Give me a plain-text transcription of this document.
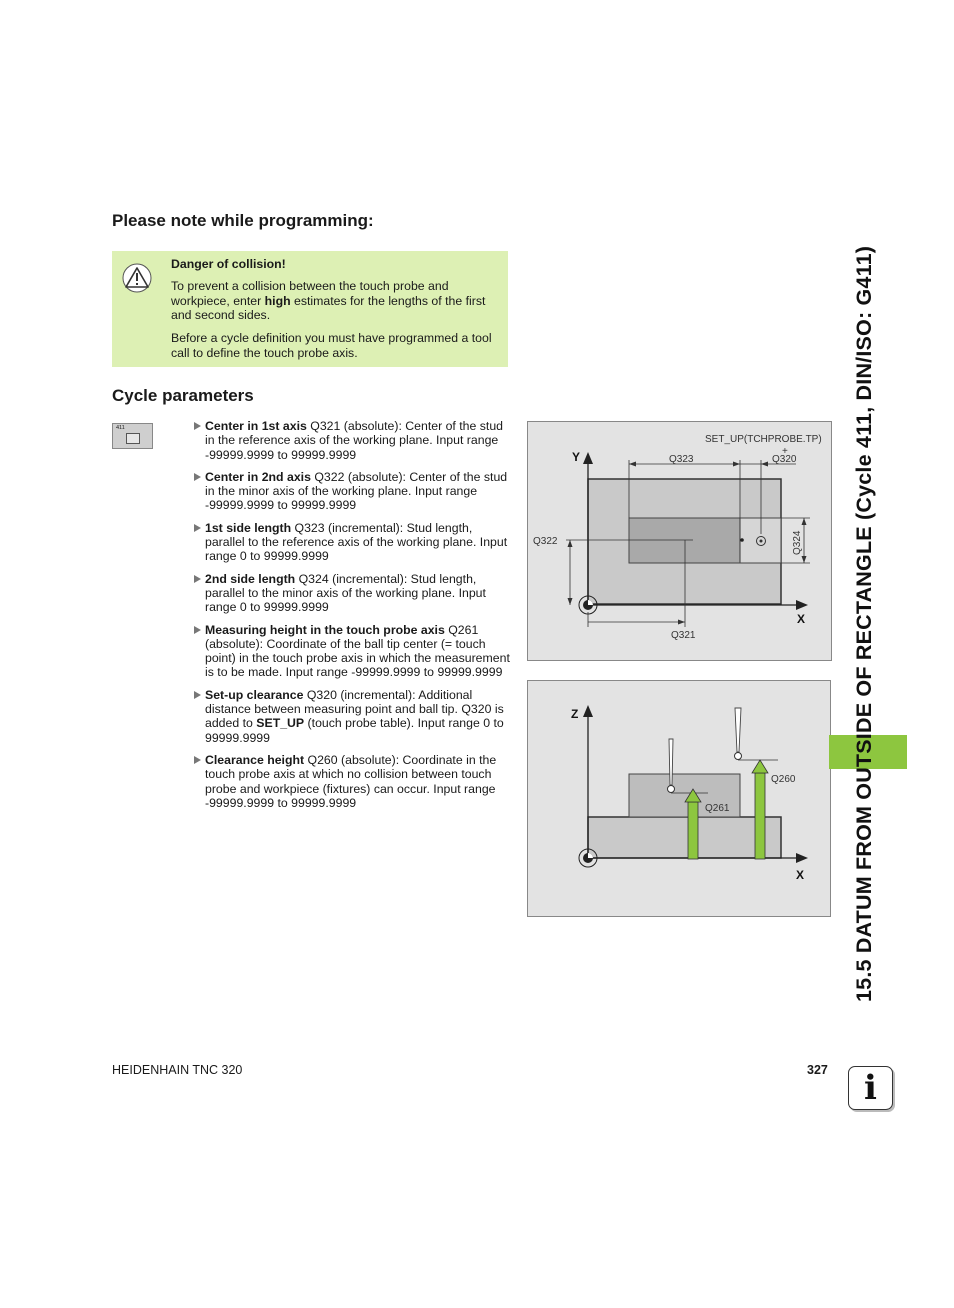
Please note while programming:

Danger of collision!

To prevent a collision between the touch probe and workpiece, enter high estimates for the lengths of the first and second sides.

Before a cycle definition you must have programmed a tool call to define the touch probe axis.

Cycle parameters
411	Center in 1st axis Q321 (absolute): Center of the stud in the reference axis of the working plane. Input range -99999.9999 to 99999.9999
Center in 2nd axis Q322 (absolute): Center of the stud in the minor axis of the working plane. Input range -99999.9999 to 99999.9999
1st side length Q323 (incremental): Stud length, parallel to the reference axis of the working plane. Input range 0 to 99999.9999
2nd side length Q324 (incremental): Stud length, parallel to the minor axis of the working plane. Input range 0 to 99999.9999
Measuring height in the touch probe axis Q261 (absolute): Coordinate of the ball tip center (= touch point) in the touch probe axis in which the measurement is to be made. Input range -99999.9999 to 99999.9999
Set-up clearance Q320 (incremental): Additional distance between measuring point and ball tip. Q320 is added to SET_UP (touch probe table). Input range 0 to 99999.9999
Clearance height Q260 (absolute): Coordinate in the touch probe axis at which no collision between touch probe and workpiece (fixtures) can occur. Input range -99999.9999 to 99999.9999
SET_UP(TCHPROBE.TP)
+
Y
X
Q323	Q320
Q322	Q324
Q321
Z
X
Q260
Q261	15.5 DATUM FROM OUTSIDE OF RECTANGLE (Cycle 411, DIN/ISO: G411)
HEIDENHAIN TNC 320	327	i
